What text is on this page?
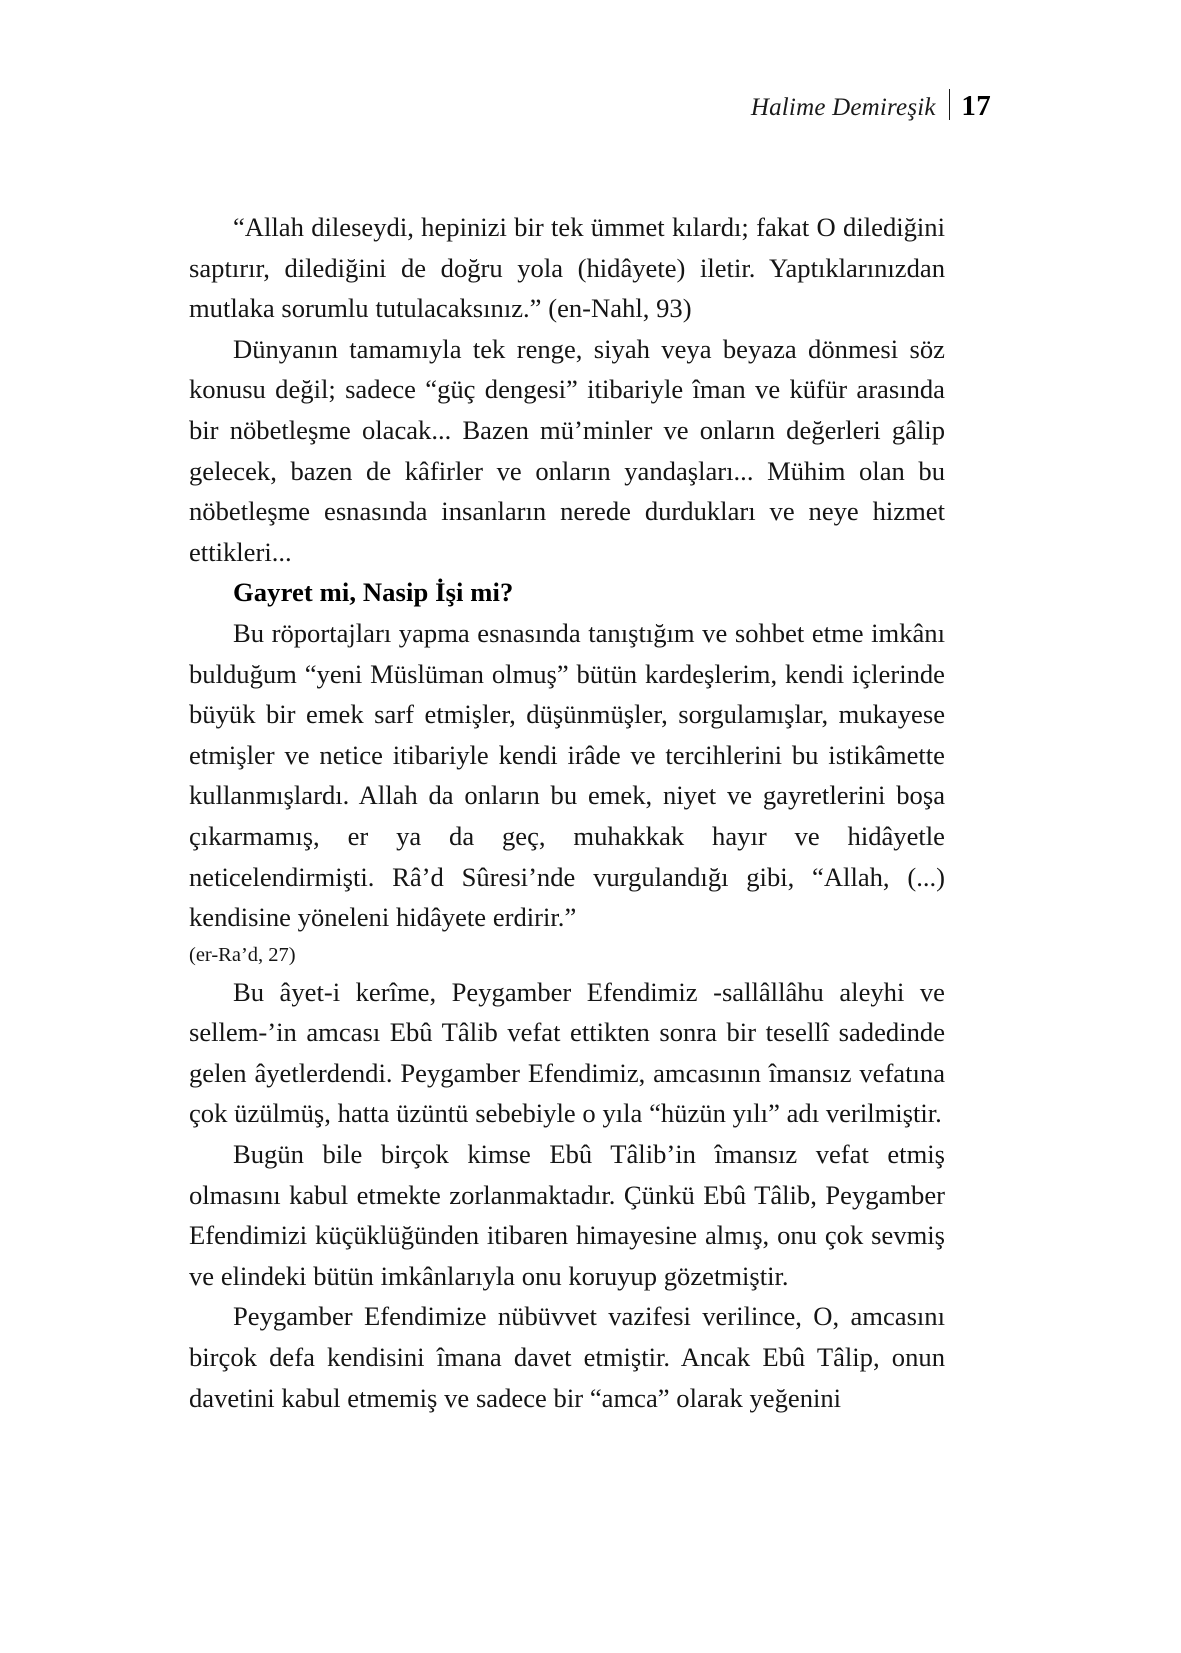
Halime Demireşik 17

“Allah dileseydi, hepinizi bir tek ümmet kılardı; fakat O dilediğini saptırır, dilediğini de doğru yola (hidâyete) iletir. Yaptıklarınızdan mutlaka sorumlu tutulacaksınız.” (en-Nahl, 93)

Dünyanın tamamıyla tek renge, siyah veya beyaza dönmesi söz konusu değil; sadece “güç dengesi” itibariyle îman ve küfür arasında bir nöbetleşme olacak... Bazen mü’minler ve onların değerleri gâlip gelecek, bazen de kâfirler ve onların yandaşları... Mühim olan bu nöbetleşme esnasında insanların nerede durdukları ve neye hizmet ettikleri...

Gayret mi, Nasip İşi mi?

Bu röportajları yapma esnasında tanıştığım ve sohbet etme imkânı bulduğum “yeni Müslüman olmuş” bütün kardeşlerim, kendi içlerinde büyük bir emek sarf etmişler, düşünmüşler, sorgulamışlar, mukayese etmişler ve netice itibariyle kendi irâde ve tercihlerini bu istikâmette kullanmışlardı. Allah da onların bu emek, niyet ve gayretlerini boşa çıkarmamış, er ya da geç, muhakkak hayır ve hidâyetle neticelendirmişti. Râ’d Sûresi’nde vurgulandığı gibi, “Allah, (...) kendisine yöneleni hidâyete erdirir.”

(er-Ra’d, 27)

Bu âyet-i kerîme, Peygamber Efendimiz -sallâllâhu aleyhi ve sellem-’in amcası Ebû Tâlib vefat ettikten sonra bir tesellî sadedinde gelen âyetlerdendi. Peygamber Efendimiz, amcasının îmansız vefatına çok üzülmüş, hatta üzüntü sebebiyle o yıla “hüzün yılı” adı verilmiştir.

Bugün bile birçok kimse Ebû Tâlib’in îmansız vefat etmiş olmasını kabul etmekte zorlanmaktadır. Çünkü Ebû Tâlib, Peygamber Efendimizi küçüklüğünden itibaren himayesine almış, onu çok sevmiş ve elindeki bütün imkânlarıyla onu koruyup gözetmiştir.

Peygamber Efendimize nübüvvet vazifesi verilince, O, amcasını birçok defa kendisini îmana davet etmiştir. Ancak Ebû Tâlip, onun davetini kabul etmemiş ve sadece bir “amca” olarak yeğenini
